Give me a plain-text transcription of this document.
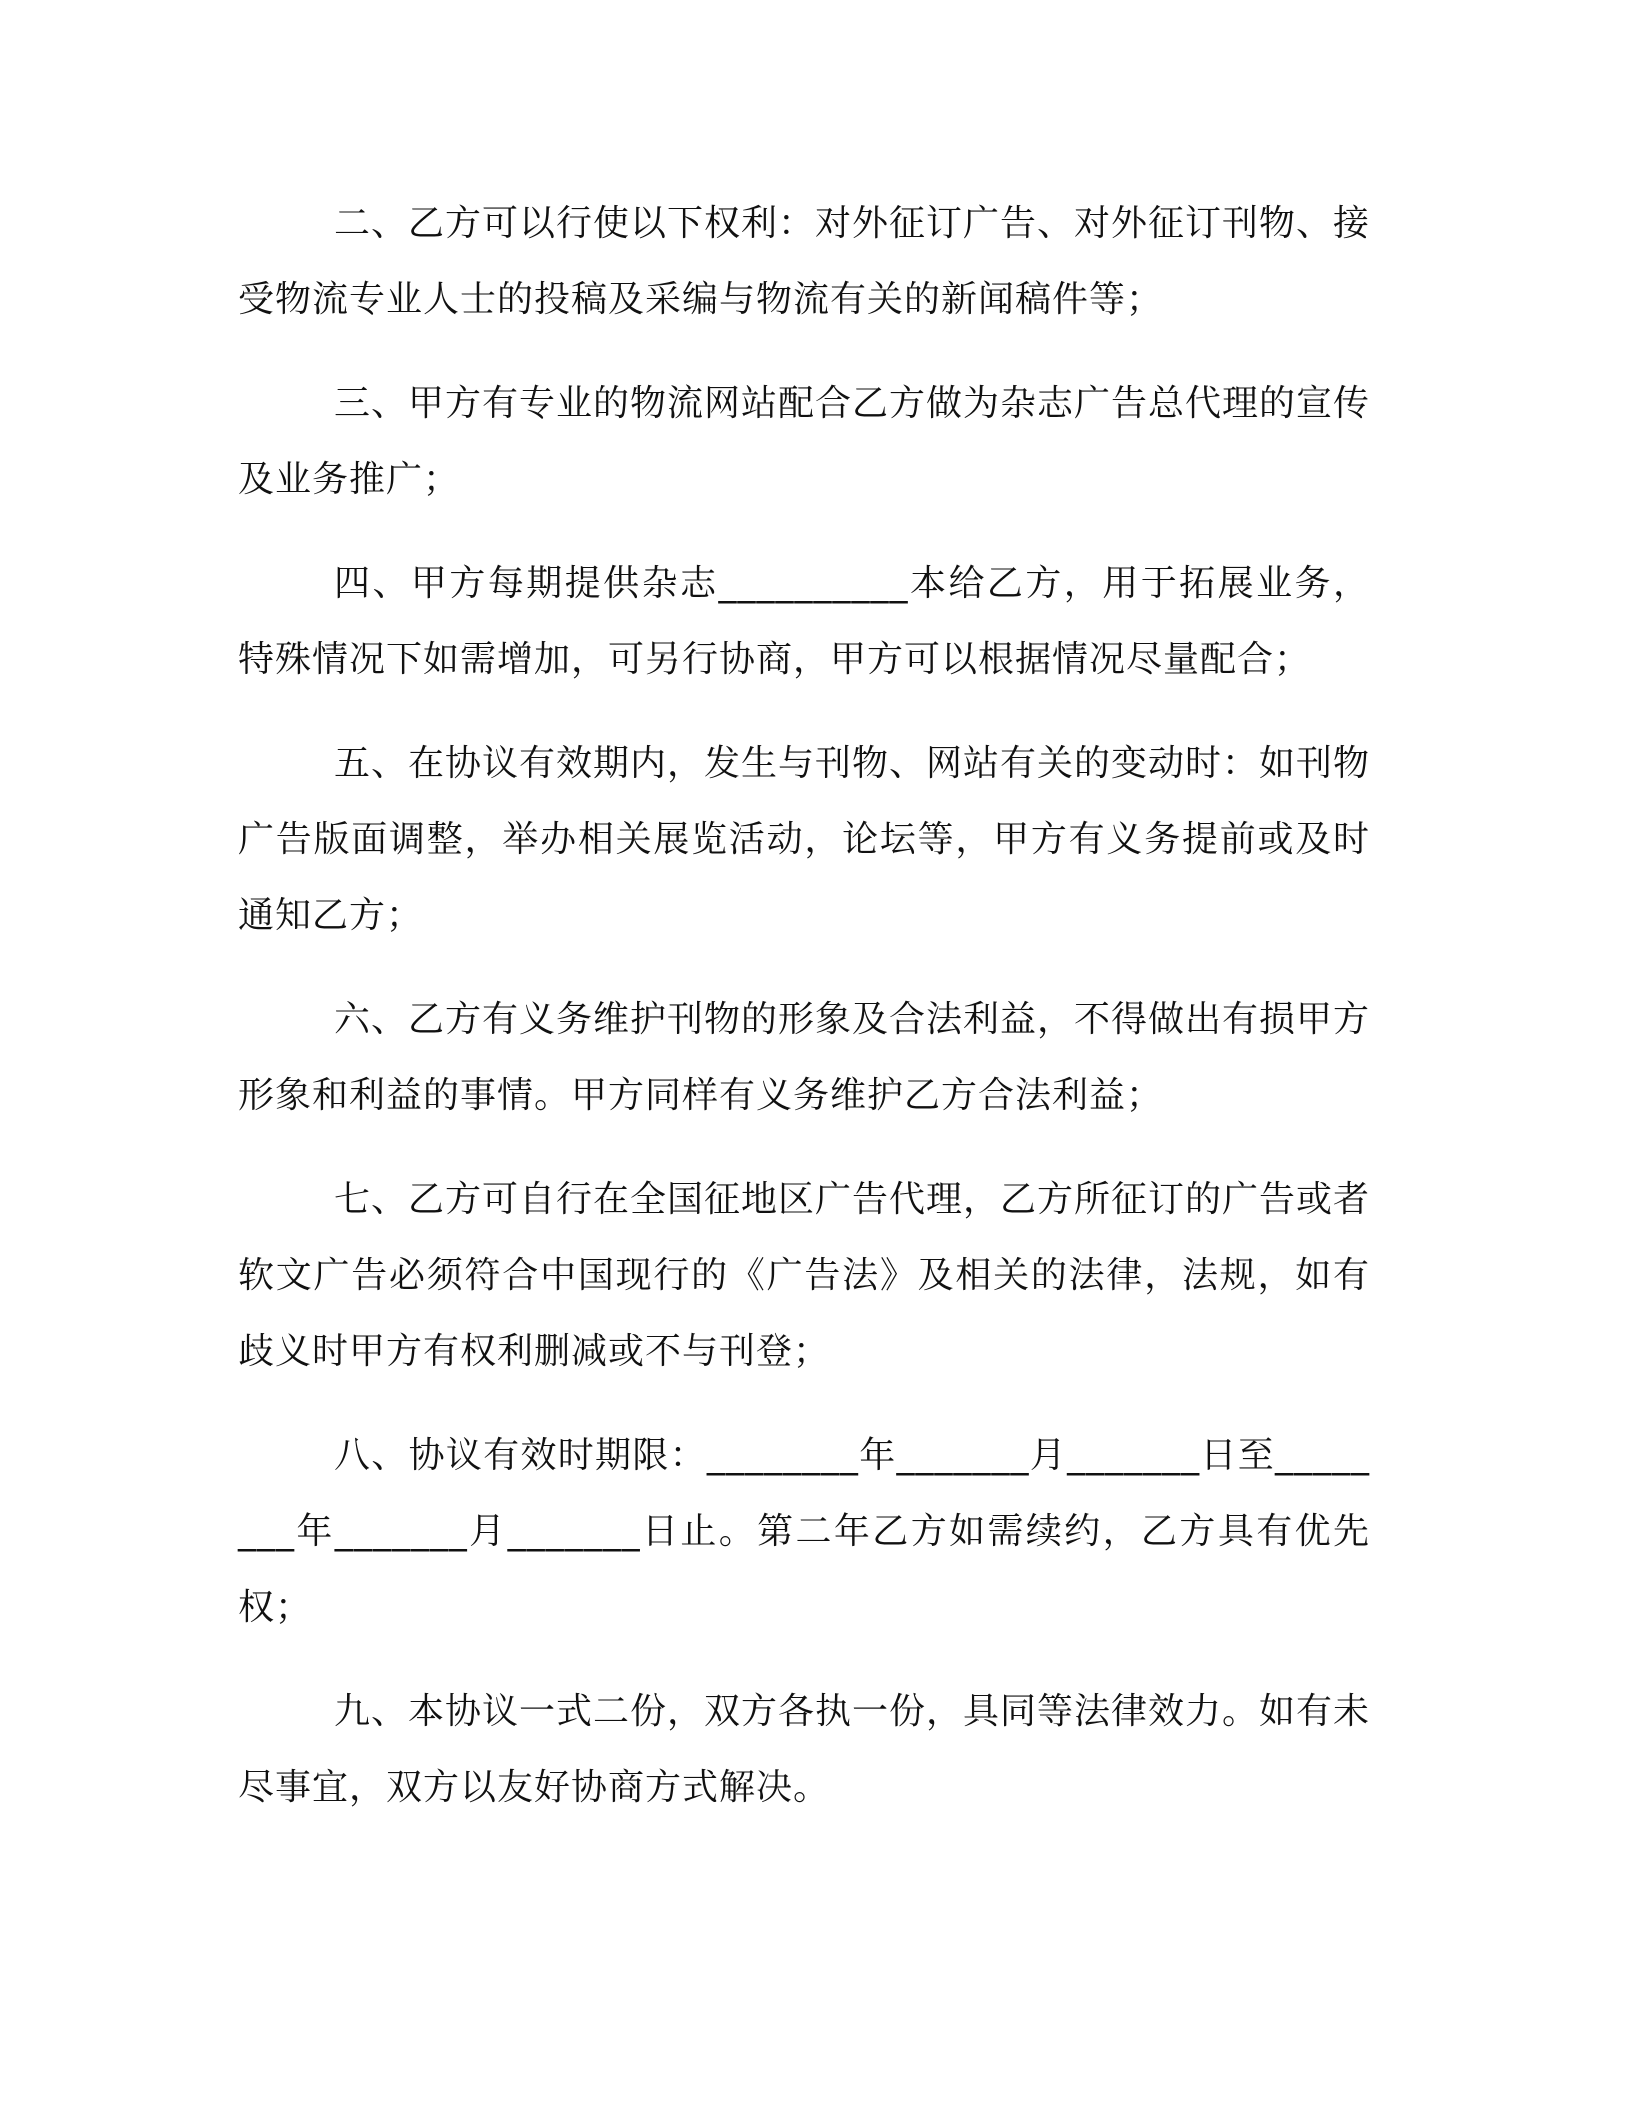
二、乙方可以行使以下权利：对外征订广告、对外征订刊物、接受物流专业人士的投稿及采编与物流有关的新闻稿件等；

三、甲方有专业的物流网站配合乙方做为杂志广告总代理的宣传及业务推广；

四、甲方每期提供杂志__________本给乙方，用于拓展业务，特殊情况下如需增加，可另行协商，甲方可以根据情况尽量配合；

五、在协议有效期内，发生与刊物、网站有关的变动时：如刊物广告版面调整，举办相关展览活动，论坛等，甲方有义务提前或及时通知乙方；

六、乙方有义务维护刊物的形象及合法利益，不得做出有损甲方形象和利益的事情。甲方同样有义务维护乙方合法利益；

七、乙方可自行在全国征地区广告代理，乙方所征订的广告或者软文广告必须符合中国现行的《广告法》及相关的法律，法规，如有歧义时甲方有权利删减或不与刊登；

八、协议有效时期限：________年_______月_______日至________年_______月_______日止。第二年乙方如需续约，乙方具有优先权；

九、本协议一式二份，双方各执一份，具同等法律效力。如有未尽事宜，双方以友好协商方式解决。
